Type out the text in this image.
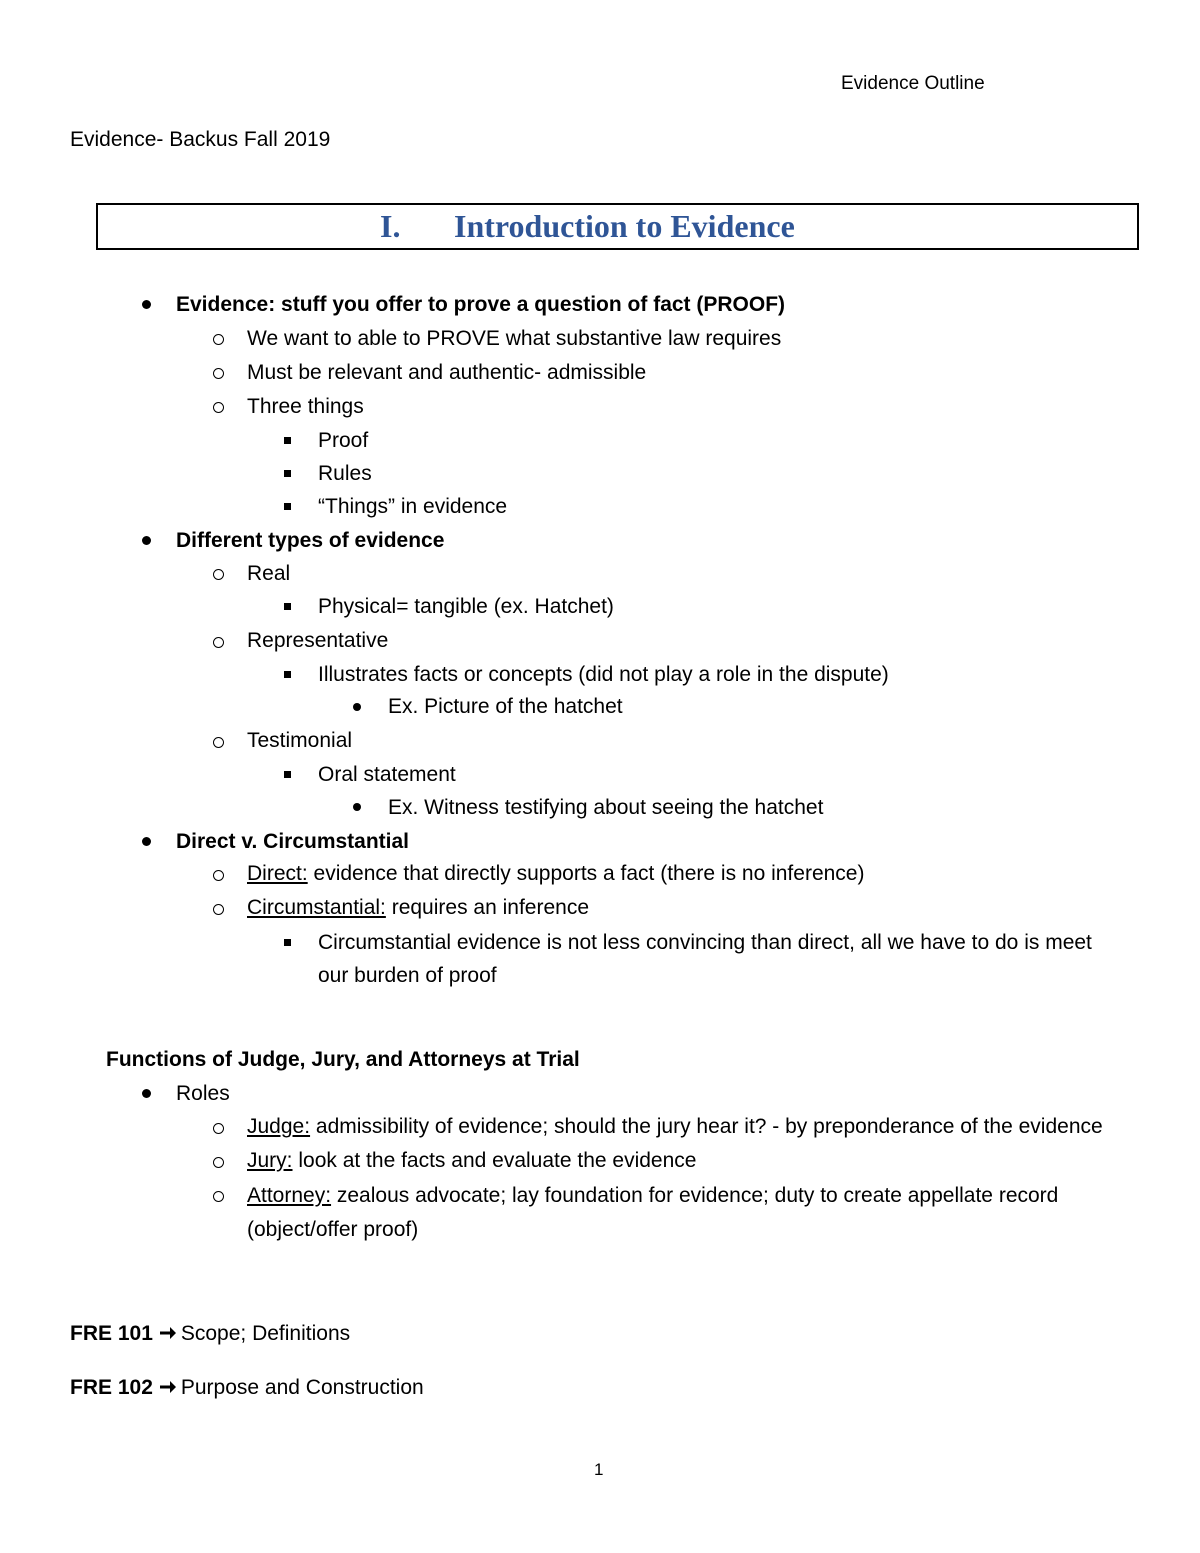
Evidence Outline
Evidence- Backus Fall 2019
I. Introduction to Evidence
Evidence: stuff you offer to prove a question of fact (PROOF)
We want to able to PROVE what substantive law requires
Must be relevant and authentic- admissible
Three things
Proof
Rules
“Things” in evidence
Different types of evidence
Real
Physical= tangible (ex. Hatchet)
Representative
Illustrates facts or concepts (did not play a role in the dispute)
Ex. Picture of the hatchet
Testimonial
Oral statement
Ex. Witness testifying about seeing the hatchet
Direct v. Circumstantial
Direct: evidence that directly supports a fact (there is no inference)
Circumstantial: requires an inference
Circumstantial evidence is not less convincing than direct, all we have to do is meet
our burden of proof
Functions of Judge, Jury, and Attorneys at Trial
Roles
Judge: admissibility of evidence; should the jury hear it? - by preponderance of the evidence
Jury: look at the facts and evaluate the evidence
Attorney: zealous advocate; lay foundation for evidence; duty to create appellate record
(object/offer proof)
FRE 101 Scope; Definitions
FRE 102 Purpose and Construction
1
